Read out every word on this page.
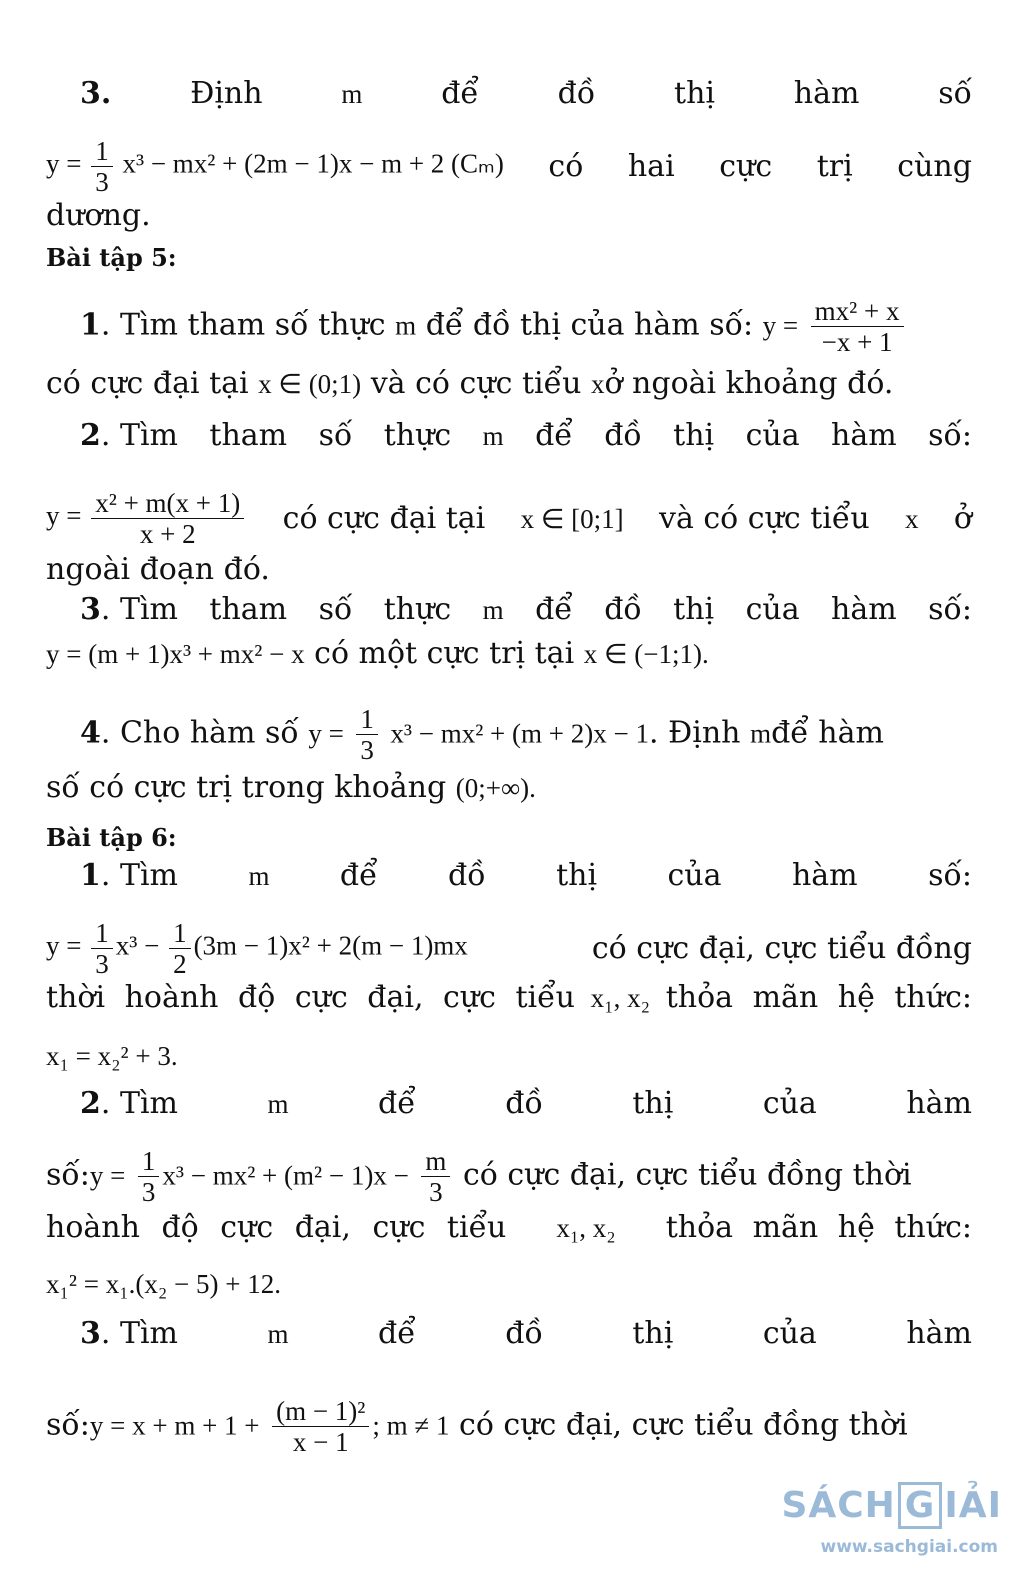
3.	Định	m	để	đồ	thị	hàm	số
$y = \frac{1}{3} x^3 - mx^2 + (2m - 1)x - m + 2$ (Cₘ) có hai cực trị cùng
dương.
Bài tập 5:
1. Tìm tham số thực m để đồ thị của hàm số: $y = \frac{\text{mx² + x}}{-x + 1}$
có cực đại tại x ∈ (0;1) và có cực tiểu xở ngoài khoảng đó.
2. Tìm tham số thực m để đồ thị của hàm số:
$y = \frac{\text{x² + m(x + 1)}}{x + 2}$ có cực đại tại x ∈ [0;1] và có cực tiểu x ở
ngoài đoạn đó.
3. Tìm tham số thực m để đồ thị của hàm số:
y = (m + 1)x³ + mx² − x có một cực trị tại x ∈ (−1;1).
4. Cho hàm số $y = \frac{1}{3} x^3 - mx^2 + (m + 2)x - 1$. Định mđể hàm
số có cực trị trong khoảng (0;+∞).
Bài tập 6:
1. Tìm	m để đồ thị của hàm số:
$y = \frac{1}{3} x^3 - \frac{1}{2} (3m - 1)x^2 + 2(m - 1)mx$	có cực đại, cực tiểu đồng
thời hoành độ cực đại, cực tiểu x₁, x₂ thỏa mãn hệ thức:
x₁ = x₂² + 3.
2. Tìm	m	để	đồ	thị	của	hàm
số:y = $\frac{1}{3} x^3 - mx^2 + (m^2 - 1)x - \frac{m}{3}$ có cực đại, cực tiểu đồng thời
hoành độ cực đại, cực tiểu x₁, x₂ thỏa mãn hệ thức:
x₁² = x₁.(x₂ − 5) + 12.
3. Tìm	m	để	đồ	thị	của	hàm
số:y = $x + m + 1 + \frac{\text{(m − 1)²}}{x - 1}$ ; m ≠ 1 có cực đại, cực tiểu đồng thời
SÁCH G IẢI
www.sachgiai.com
